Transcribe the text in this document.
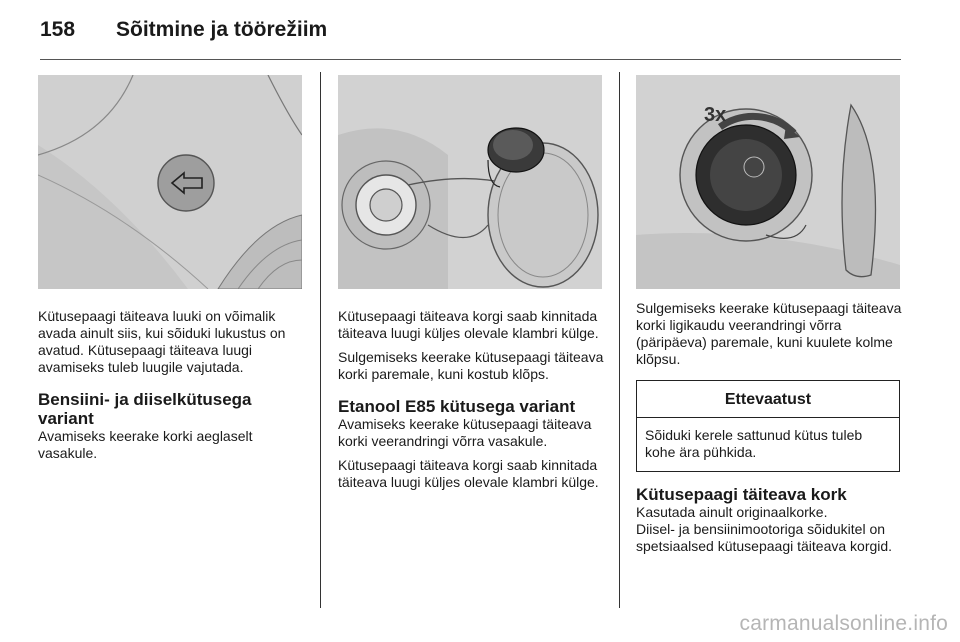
158 Sõitmine ja töörežiim

Kütusepaagi täiteava luuki on võimalik avada ainult siis, kui sõiduki lukustus on avatud. Kütusepaagi täiteava luugi avamiseks tuleb luugile vajutada.

Bensiini- ja diiselkütusega variant

Avamiseks keerake korki aeglaselt vasakule.

Kütusepaagi täiteava korgi saab kinnitada täiteava luugi küljes olevale klambri külge.

Sulgemiseks keerake kütusepaagi täiteava korki paremale, kuni kostub klõps.

Etanool E85 kütusega variant

Avamiseks keerake kütusepaagi täiteava korki veerandringi võrra vasakule.

Kütusepaagi täiteava korgi saab kinnitada täiteava luugi küljes olevale klambri külge.

3x

Sulgemiseks keerake kütusepaagi täiteava korki ligikaudu veerandringi võrra (päripäeva) paremale, kuni kuulete kolme klõpsu.

Ettevaatust
Sõiduki kerele sattunud kütus tuleb kohe ära pühkida.
Kütusepaagi täiteava kork

Kasutada ainult originaalkorke.

Diisel- ja bensiinimootoriga sõidukitel on spetsiaalsed kütusepaagi täiteava korgid.

carmanualsonline.info
